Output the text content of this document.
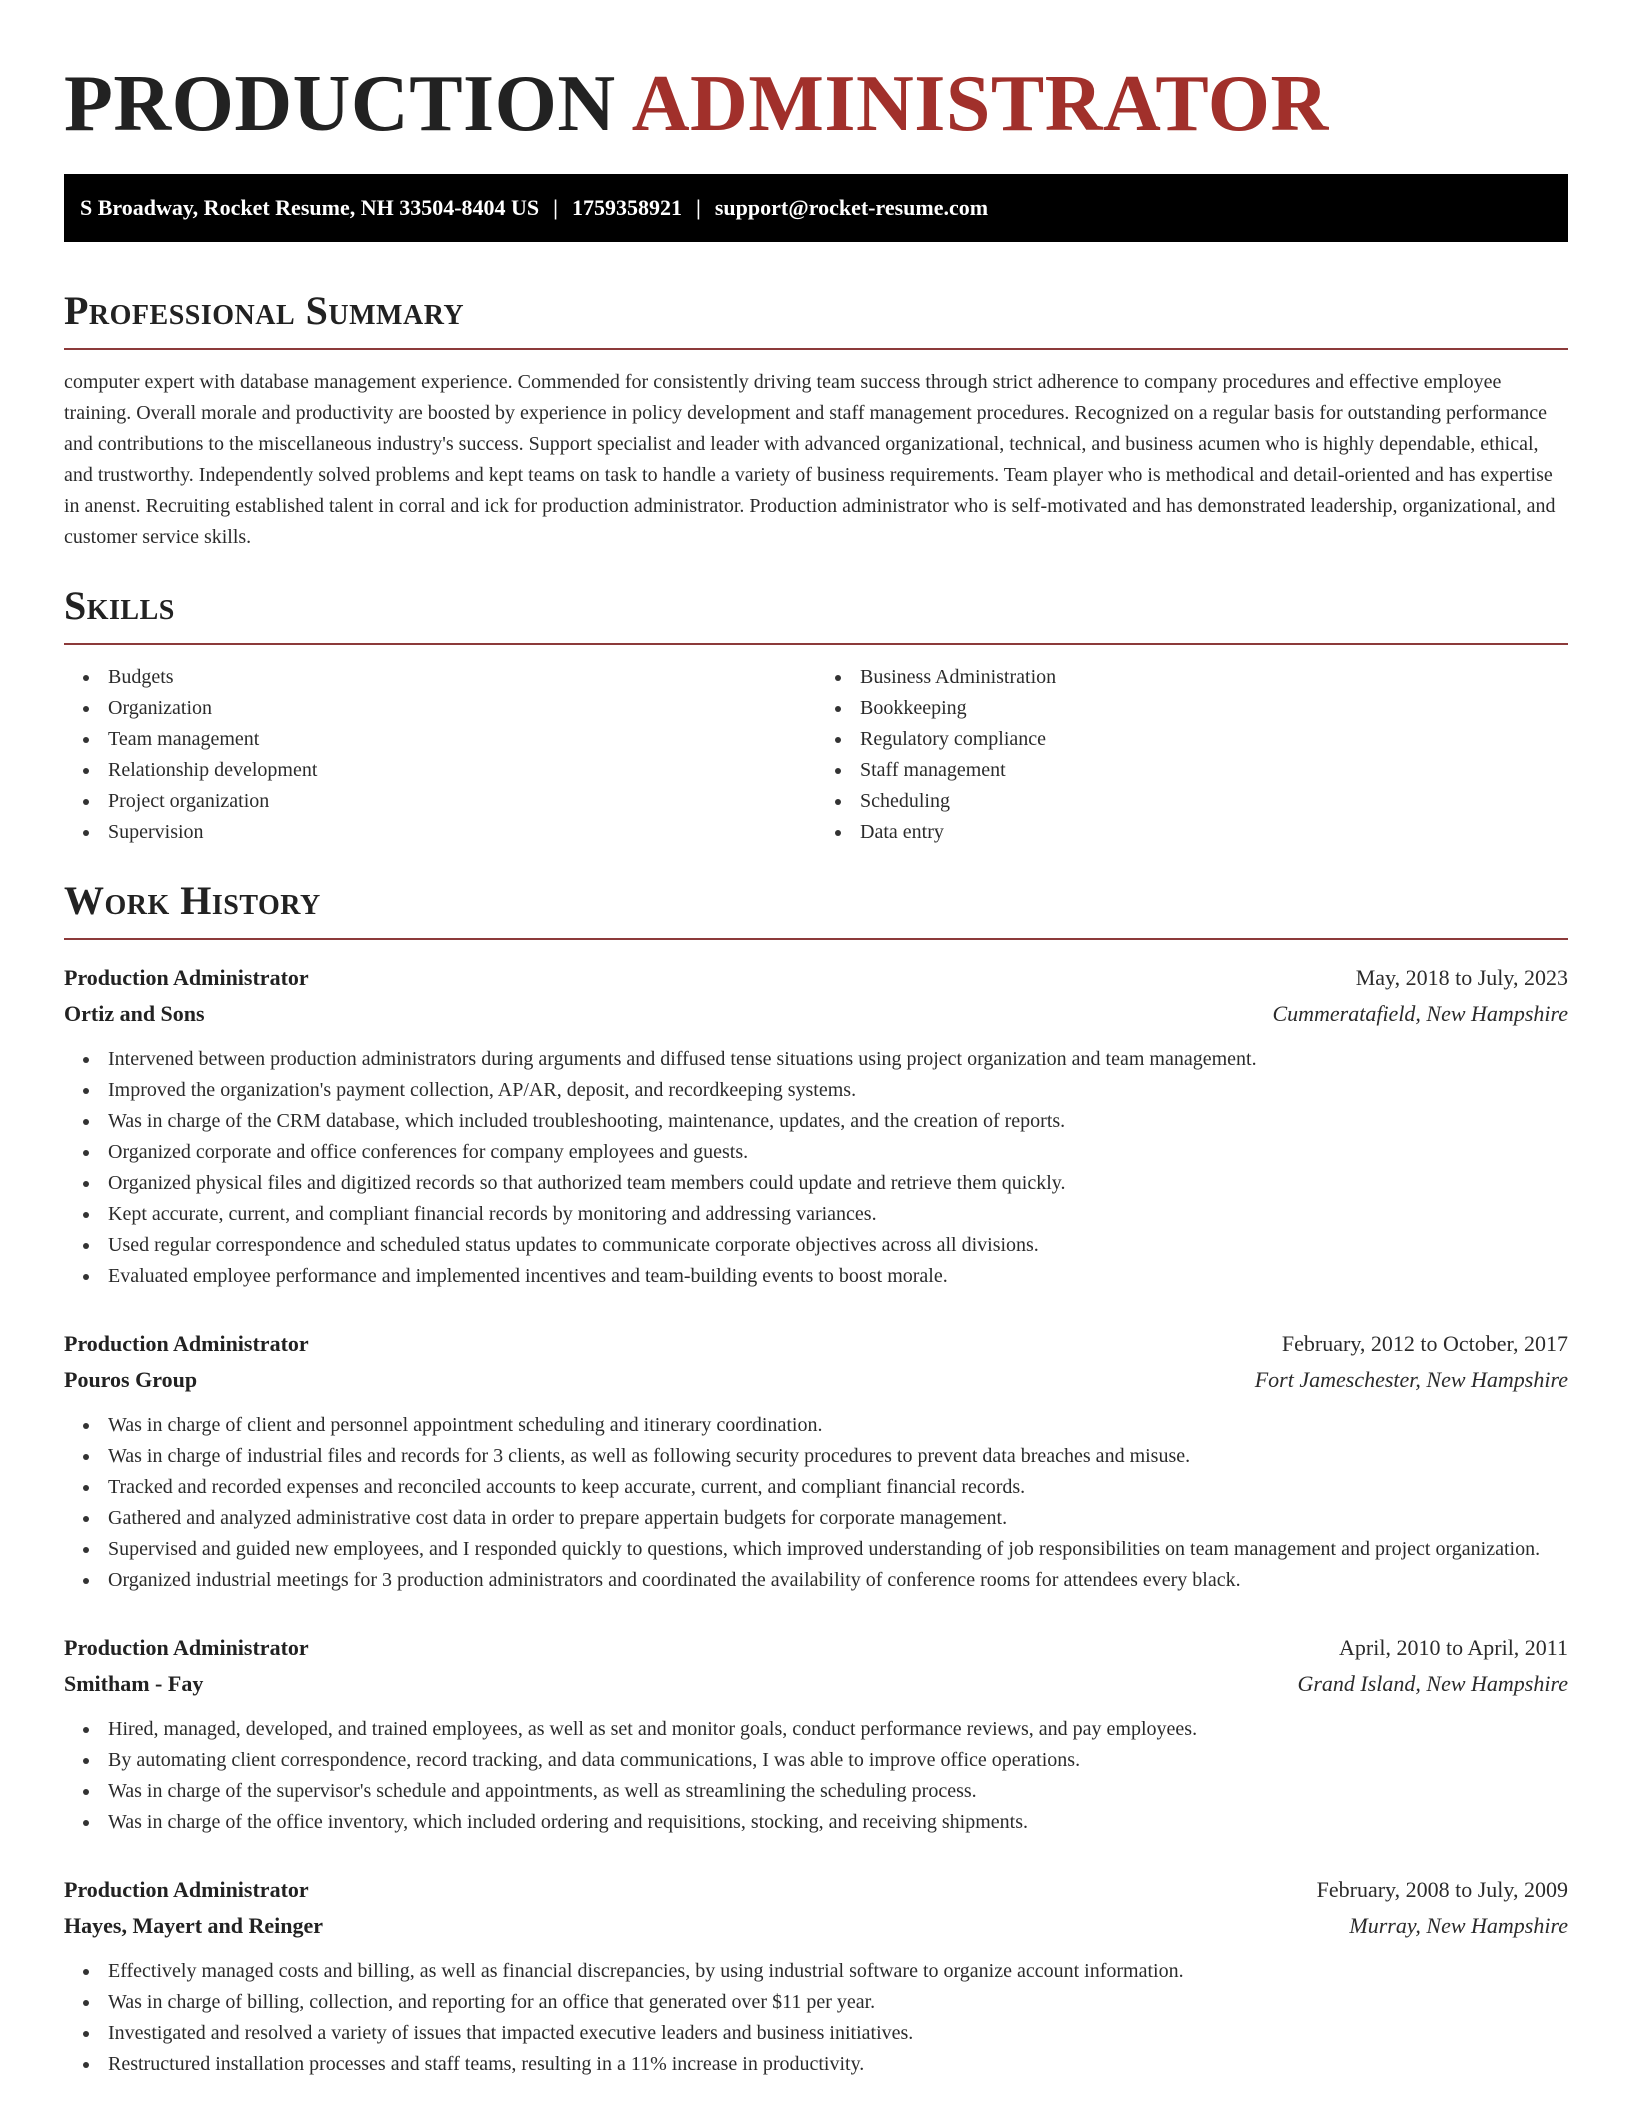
PRODUCTION ADMINISTRATOR
S Broadway, Rocket Resume, NH 33504-8404 US | 1759358921 | support@rocket-resume.com
Professional Summary

computer expert with database management experience. Commended for consistently driving team success through strict adherence to company procedures and effective employee training. Overall morale and productivity are boosted by experience in policy development and staff management procedures. Recognized on a regular basis for outstanding performance and contributions to the miscellaneous industry's success. Support specialist and leader with advanced organizational, technical, and business acumen who is highly dependable, ethical, and trustworthy. Independently solved problems and kept teams on task to handle a variety of business requirements. Team player who is methodical and detail-oriented and has expertise in anenst. Recruiting established talent in corral and ick for production administrator. Production administrator who is self-motivated and has demonstrated leadership, organizational, and customer service skills.

Skills
Budgets
Organization
Team management
Relationship development
Project organization
Supervision
Business Administration
Bookkeeping
Regulatory compliance
Staff management
Scheduling
Data entry
Work History
Production Administrator	May, 2018 to July, 2023
Ortiz and Sons	Cummeratafield, New Hampshire
Intervened between production administrators during arguments and diffused tense situations using project organization and team management.
Improved the organization's payment collection, AP/AR, deposit, and recordkeeping systems.
Was in charge of the CRM database, which included troubleshooting, maintenance, updates, and the creation of reports.
Organized corporate and office conferences for company employees and guests.
Organized physical files and digitized records so that authorized team members could update and retrieve them quickly.
Kept accurate, current, and compliant financial records by monitoring and addressing variances.
Used regular correspondence and scheduled status updates to communicate corporate objectives across all divisions.
Evaluated employee performance and implemented incentives and team-building events to boost morale.
Production Administrator	February, 2012 to October, 2017
Pouros Group	Fort Jameschester, New Hampshire
Was in charge of client and personnel appointment scheduling and itinerary coordination.
Was in charge of industrial files and records for 3 clients, as well as following security procedures to prevent data breaches and misuse.
Tracked and recorded expenses and reconciled accounts to keep accurate, current, and compliant financial records.
Gathered and analyzed administrative cost data in order to prepare appertain budgets for corporate management.
Supervised and guided new employees, and I responded quickly to questions, which improved understanding of job responsibilities on team management and project organization.
Organized industrial meetings for 3 production administrators and coordinated the availability of conference rooms for attendees every black.
Production Administrator	April, 2010 to April, 2011
Smitham - Fay	Grand Island, New Hampshire
Hired, managed, developed, and trained employees, as well as set and monitor goals, conduct performance reviews, and pay employees.
By automating client correspondence, record tracking, and data communications, I was able to improve office operations.
Was in charge of the supervisor's schedule and appointments, as well as streamlining the scheduling process.
Was in charge of the office inventory, which included ordering and requisitions, stocking, and receiving shipments.
Production Administrator	February, 2008 to July, 2009
Hayes, Mayert and Reinger	Murray, New Hampshire
Effectively managed costs and billing, as well as financial discrepancies, by using industrial software to organize account information.
Was in charge of billing, collection, and reporting for an office that generated over $11 per year.
Investigated and resolved a variety of issues that impacted executive leaders and business initiatives.
Restructured installation processes and staff teams, resulting in a 11% increase in productivity.
